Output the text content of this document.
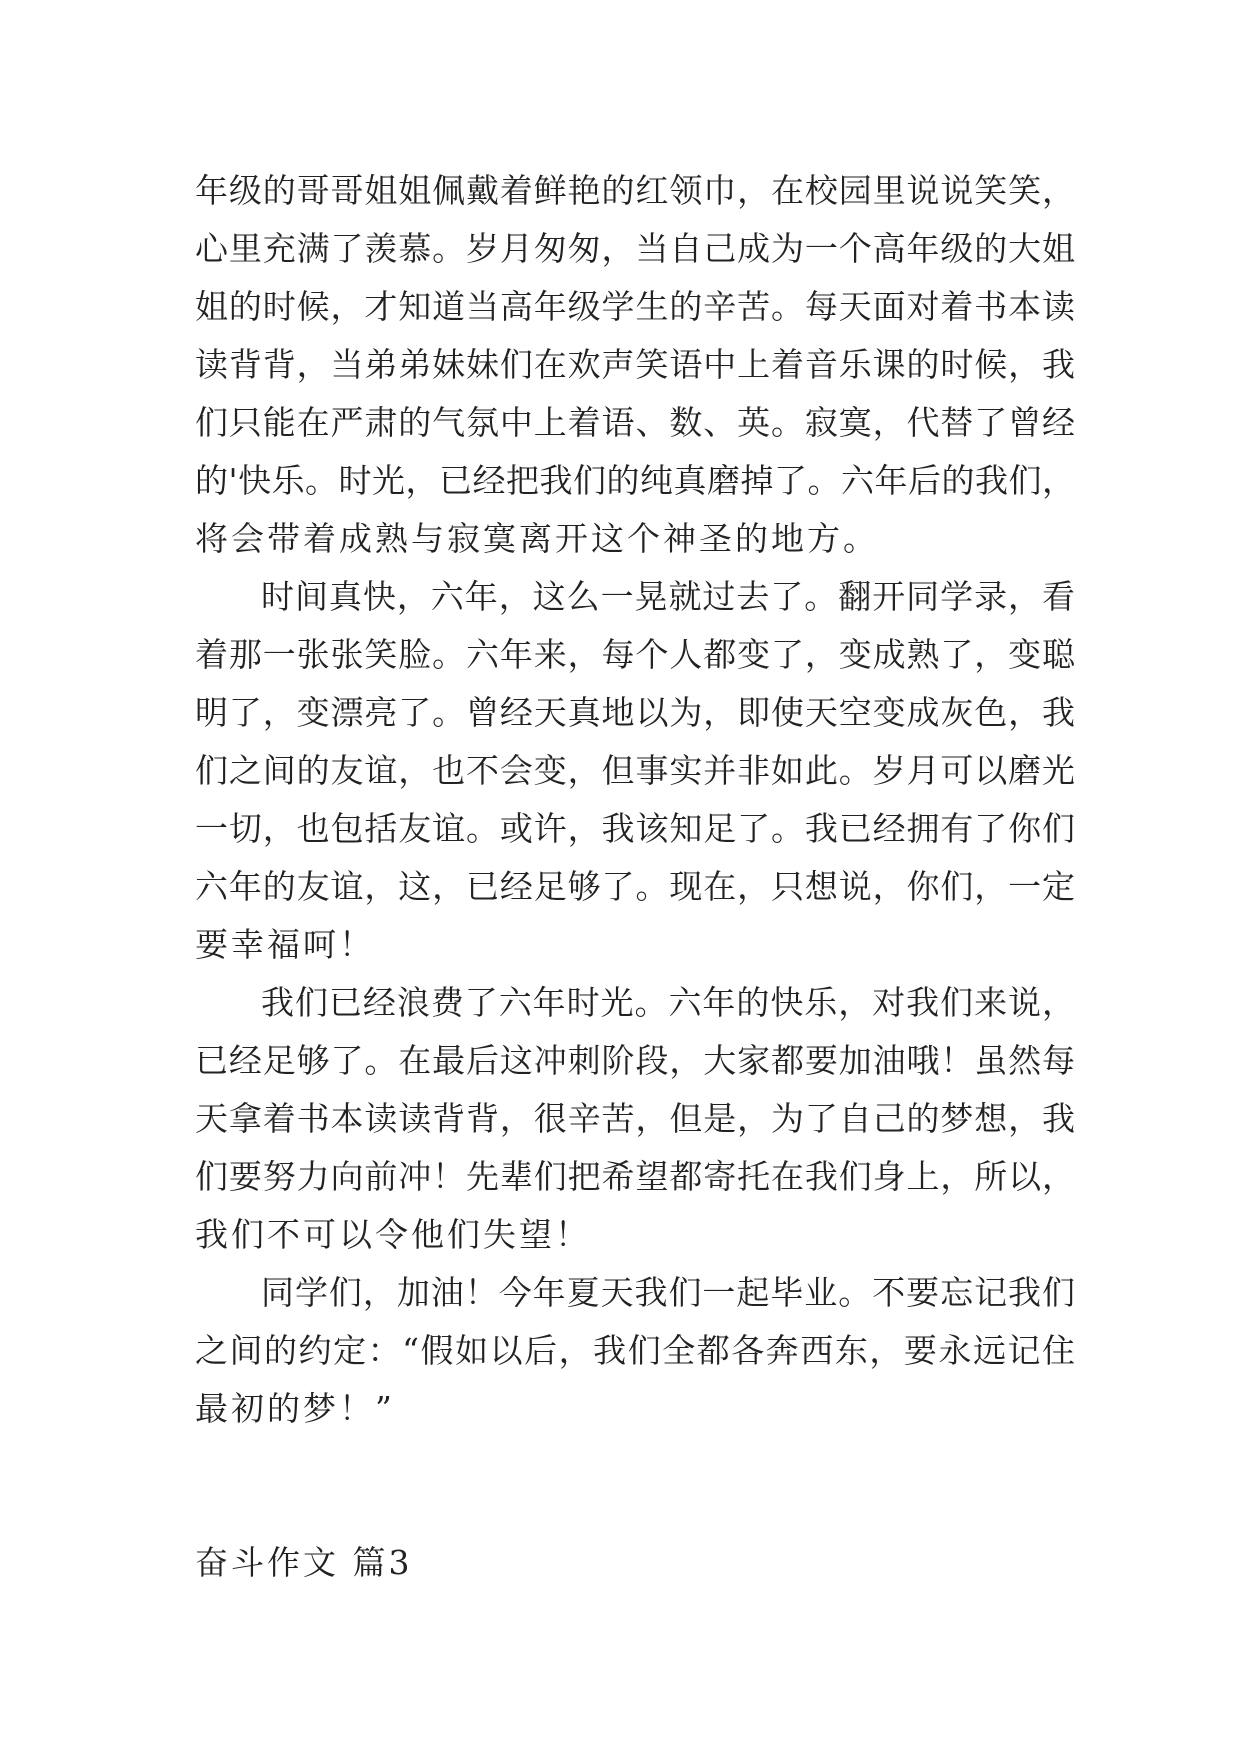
年级的哥哥姐姐佩戴着鲜艳的红领巾，在校园里说说笑笑，
心里充满了羡慕。岁月匆匆，当自己成为一个高年级的大姐
姐的时候，才知道当高年级学生的辛苦。每天面对着书本读
读背背，当弟弟妹妹们在欢声笑语中上着音乐课的时候，我
们只能在严肃的气氛中上着语、数、英。寂寞，代替了曾经
的'快乐。时光，已经把我们的纯真磨掉了。六年后的我们，
将会带着成熟与寂寞离开这个神圣的地方。
时间真快，六年，这么一晃就过去了。翻开同学录，看
着那一张张笑脸。六年来，每个人都变了，变成熟了，变聪
明了，变漂亮了。曾经天真地以为，即使天空变成灰色，我
们之间的友谊，也不会变，但事实并非如此。岁月可以磨光
一切，也包括友谊。或许，我该知足了。我已经拥有了你们
六年的友谊，这，已经足够了。现在，只想说，你们，一定
要幸福呵！
我们已经浪费了六年时光。六年的快乐，对我们来说，
已经足够了。在最后这冲刺阶段，大家都要加油哦！虽然每
天拿着书本读读背背，很辛苦，但是，为了自己的梦想，我
们要努力向前冲！先辈们把希望都寄托在我们身上，所以，
我们不可以令他们失望！
同学们，加油！今年夏天我们一起毕业。不要忘记我们
之间的约定：“假如以后，我们全都各奔西东，要永远记住
最初的梦！”
奋斗作文 篇3
